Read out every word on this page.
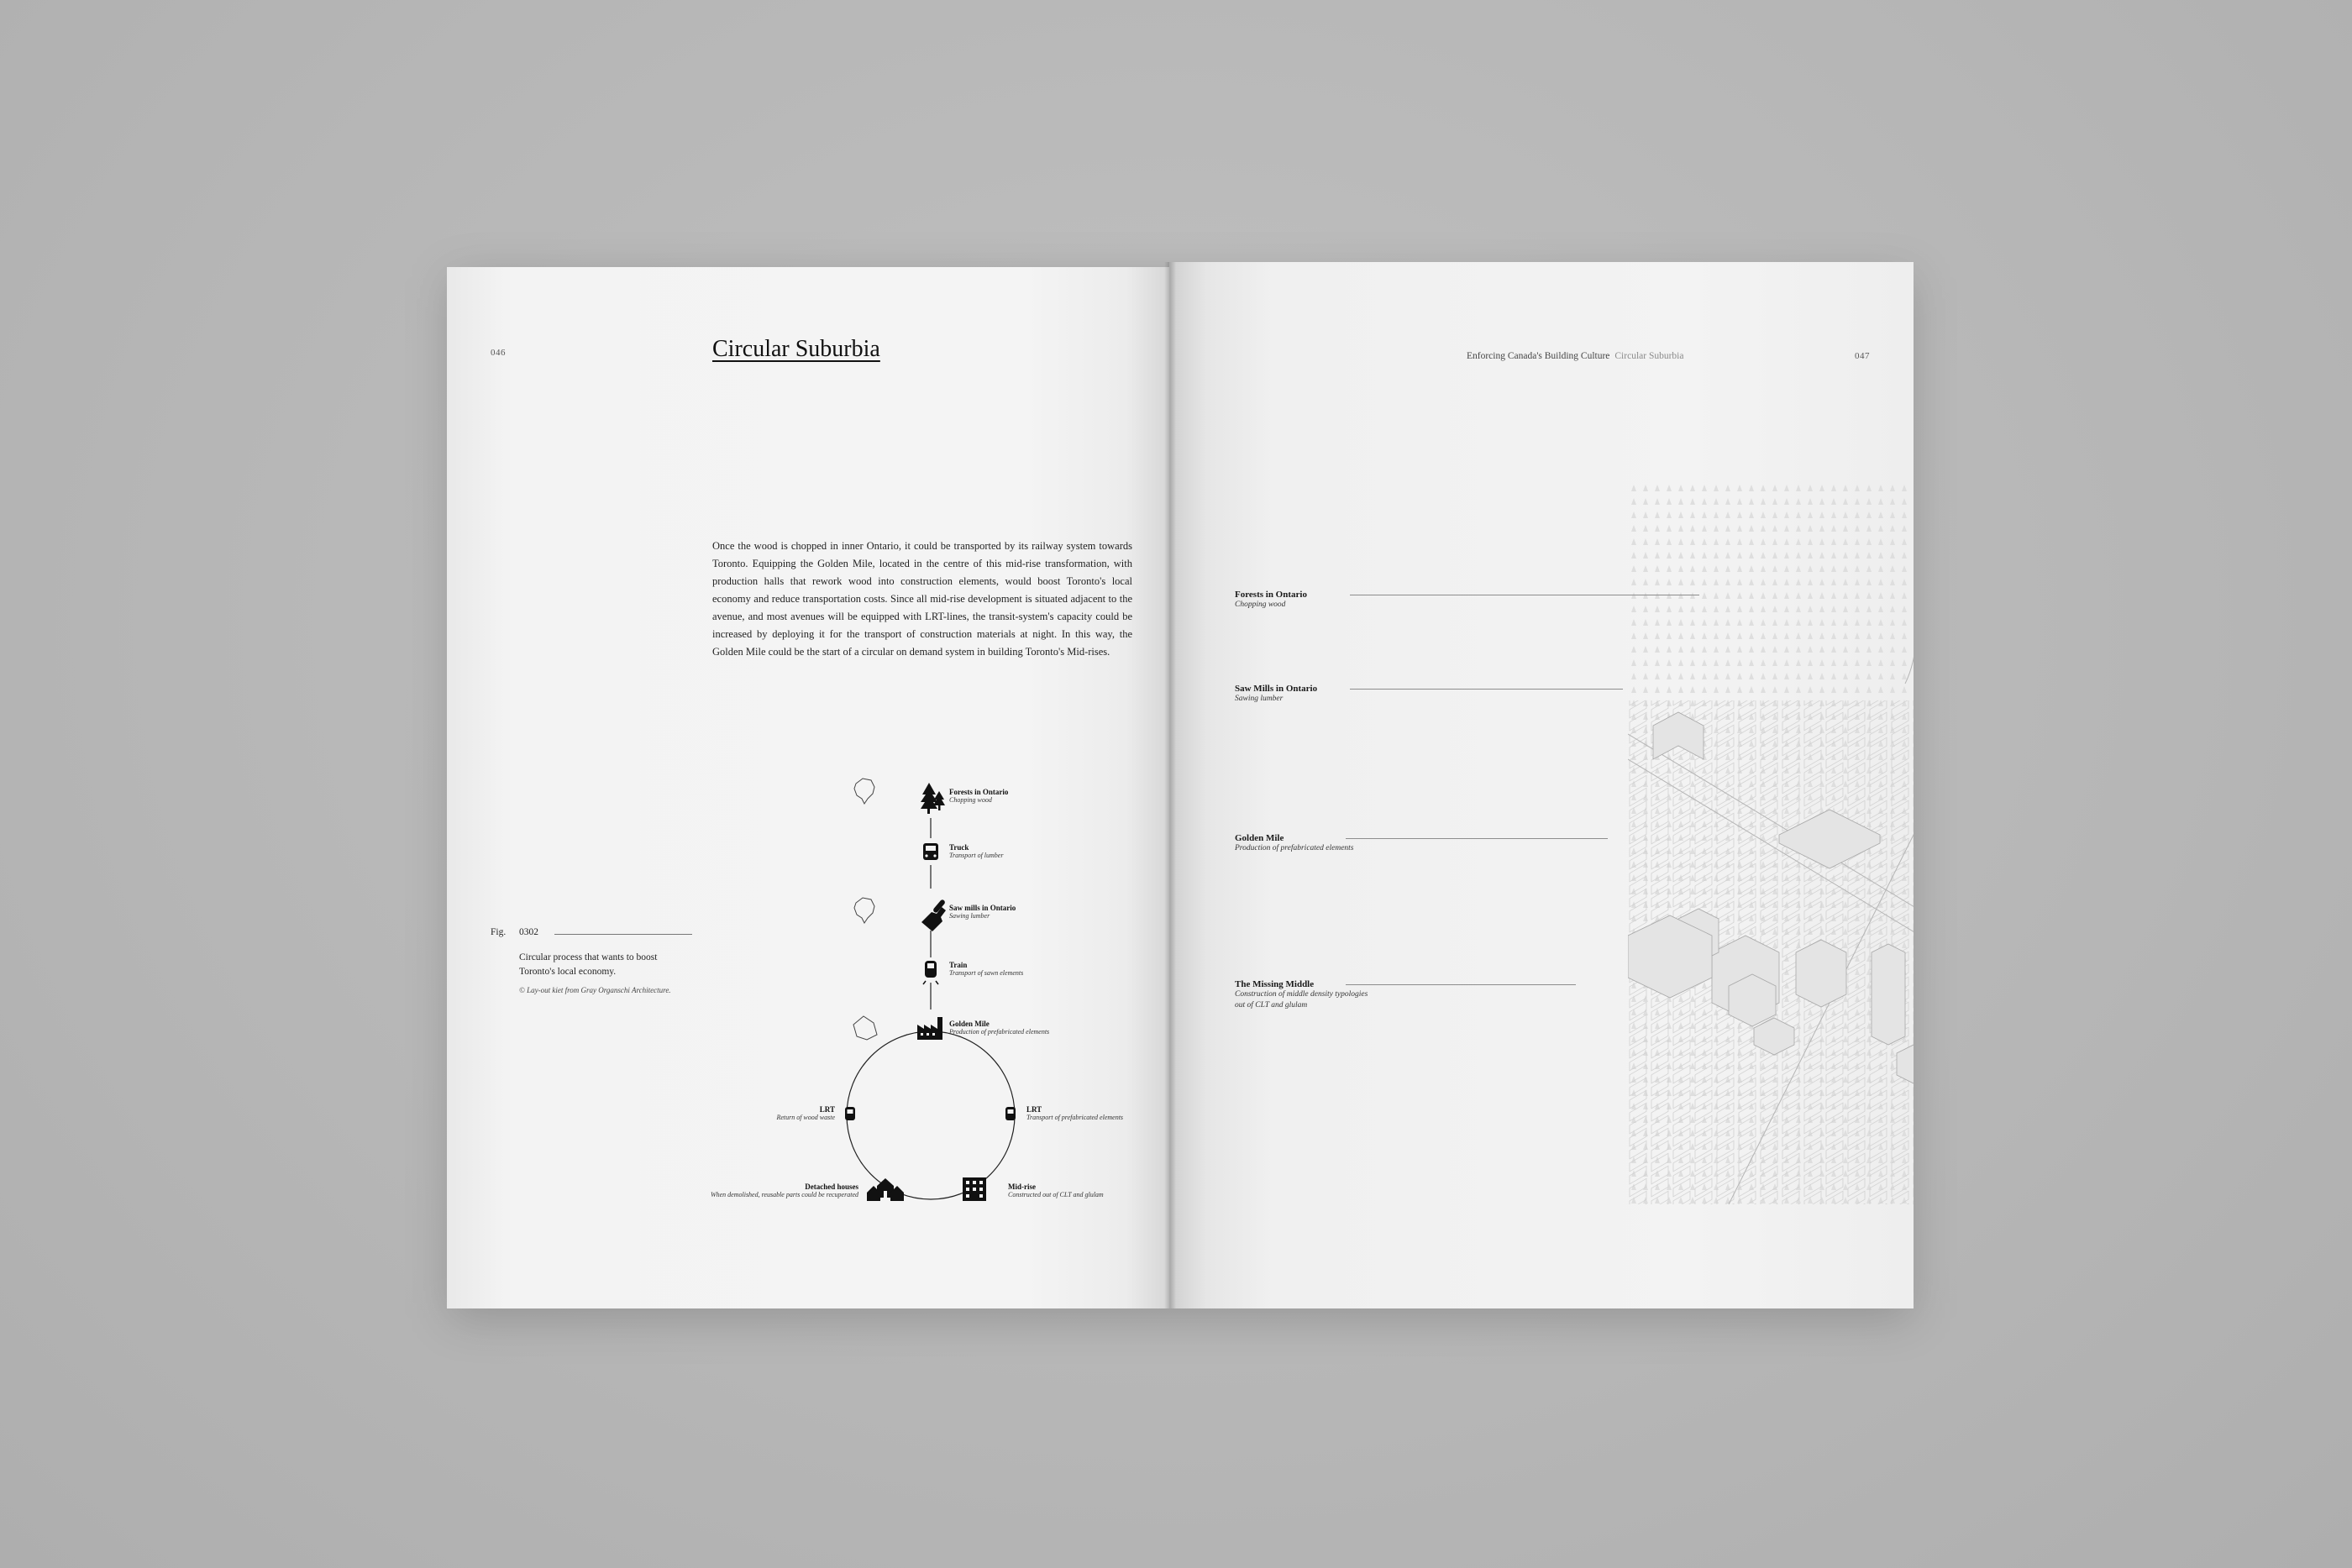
046	Circular Suburbia
Once the wood is chopped in inner Ontario, it could be transported by its railway system towards Toronto. Equipping the Golden Mile, located in the centre of this mid-rise transformation, with production halls that rework wood into construction elements, would boost Toronto's local economy and reduce transportation costs. Since all mid-rise development is situated adjacent to the avenue, and most avenues will be equipped with LRT-lines, the transit-system's capacity could be increased by deploying it for the transport of construction materials at night. In this way, the Golden Mile could be the start of a circular on demand system in building Toronto's Mid-rises.
Fig. 0302
Circular process that wants to boost Toronto's local economy.
© Lay-out kiet from Gray Organschi Architecture.
Forests in Ontario
Chopping wood
Truck
Transport of lumber
Saw mills in Ontario
Sawing lumber
Train
Transport of sawn elements
Golden Mile
Production of prefabricated elements
LRT
Transport of prefabricated elements
Mid-rise
Constructed out of CLT and glulam
Detached houses
When demolished, reusable parts could be recuperated
LRT
Return of wood waste
Enforcing Canada's Building Culture Circular Suburbia	047
Forests in Ontario
Chopping wood
Saw Mills in Ontario
Sawing lumber
Golden Mile
Production of prefabricated elements
The Missing Middle
Construction of middle density typologies out of CLT and glulam
